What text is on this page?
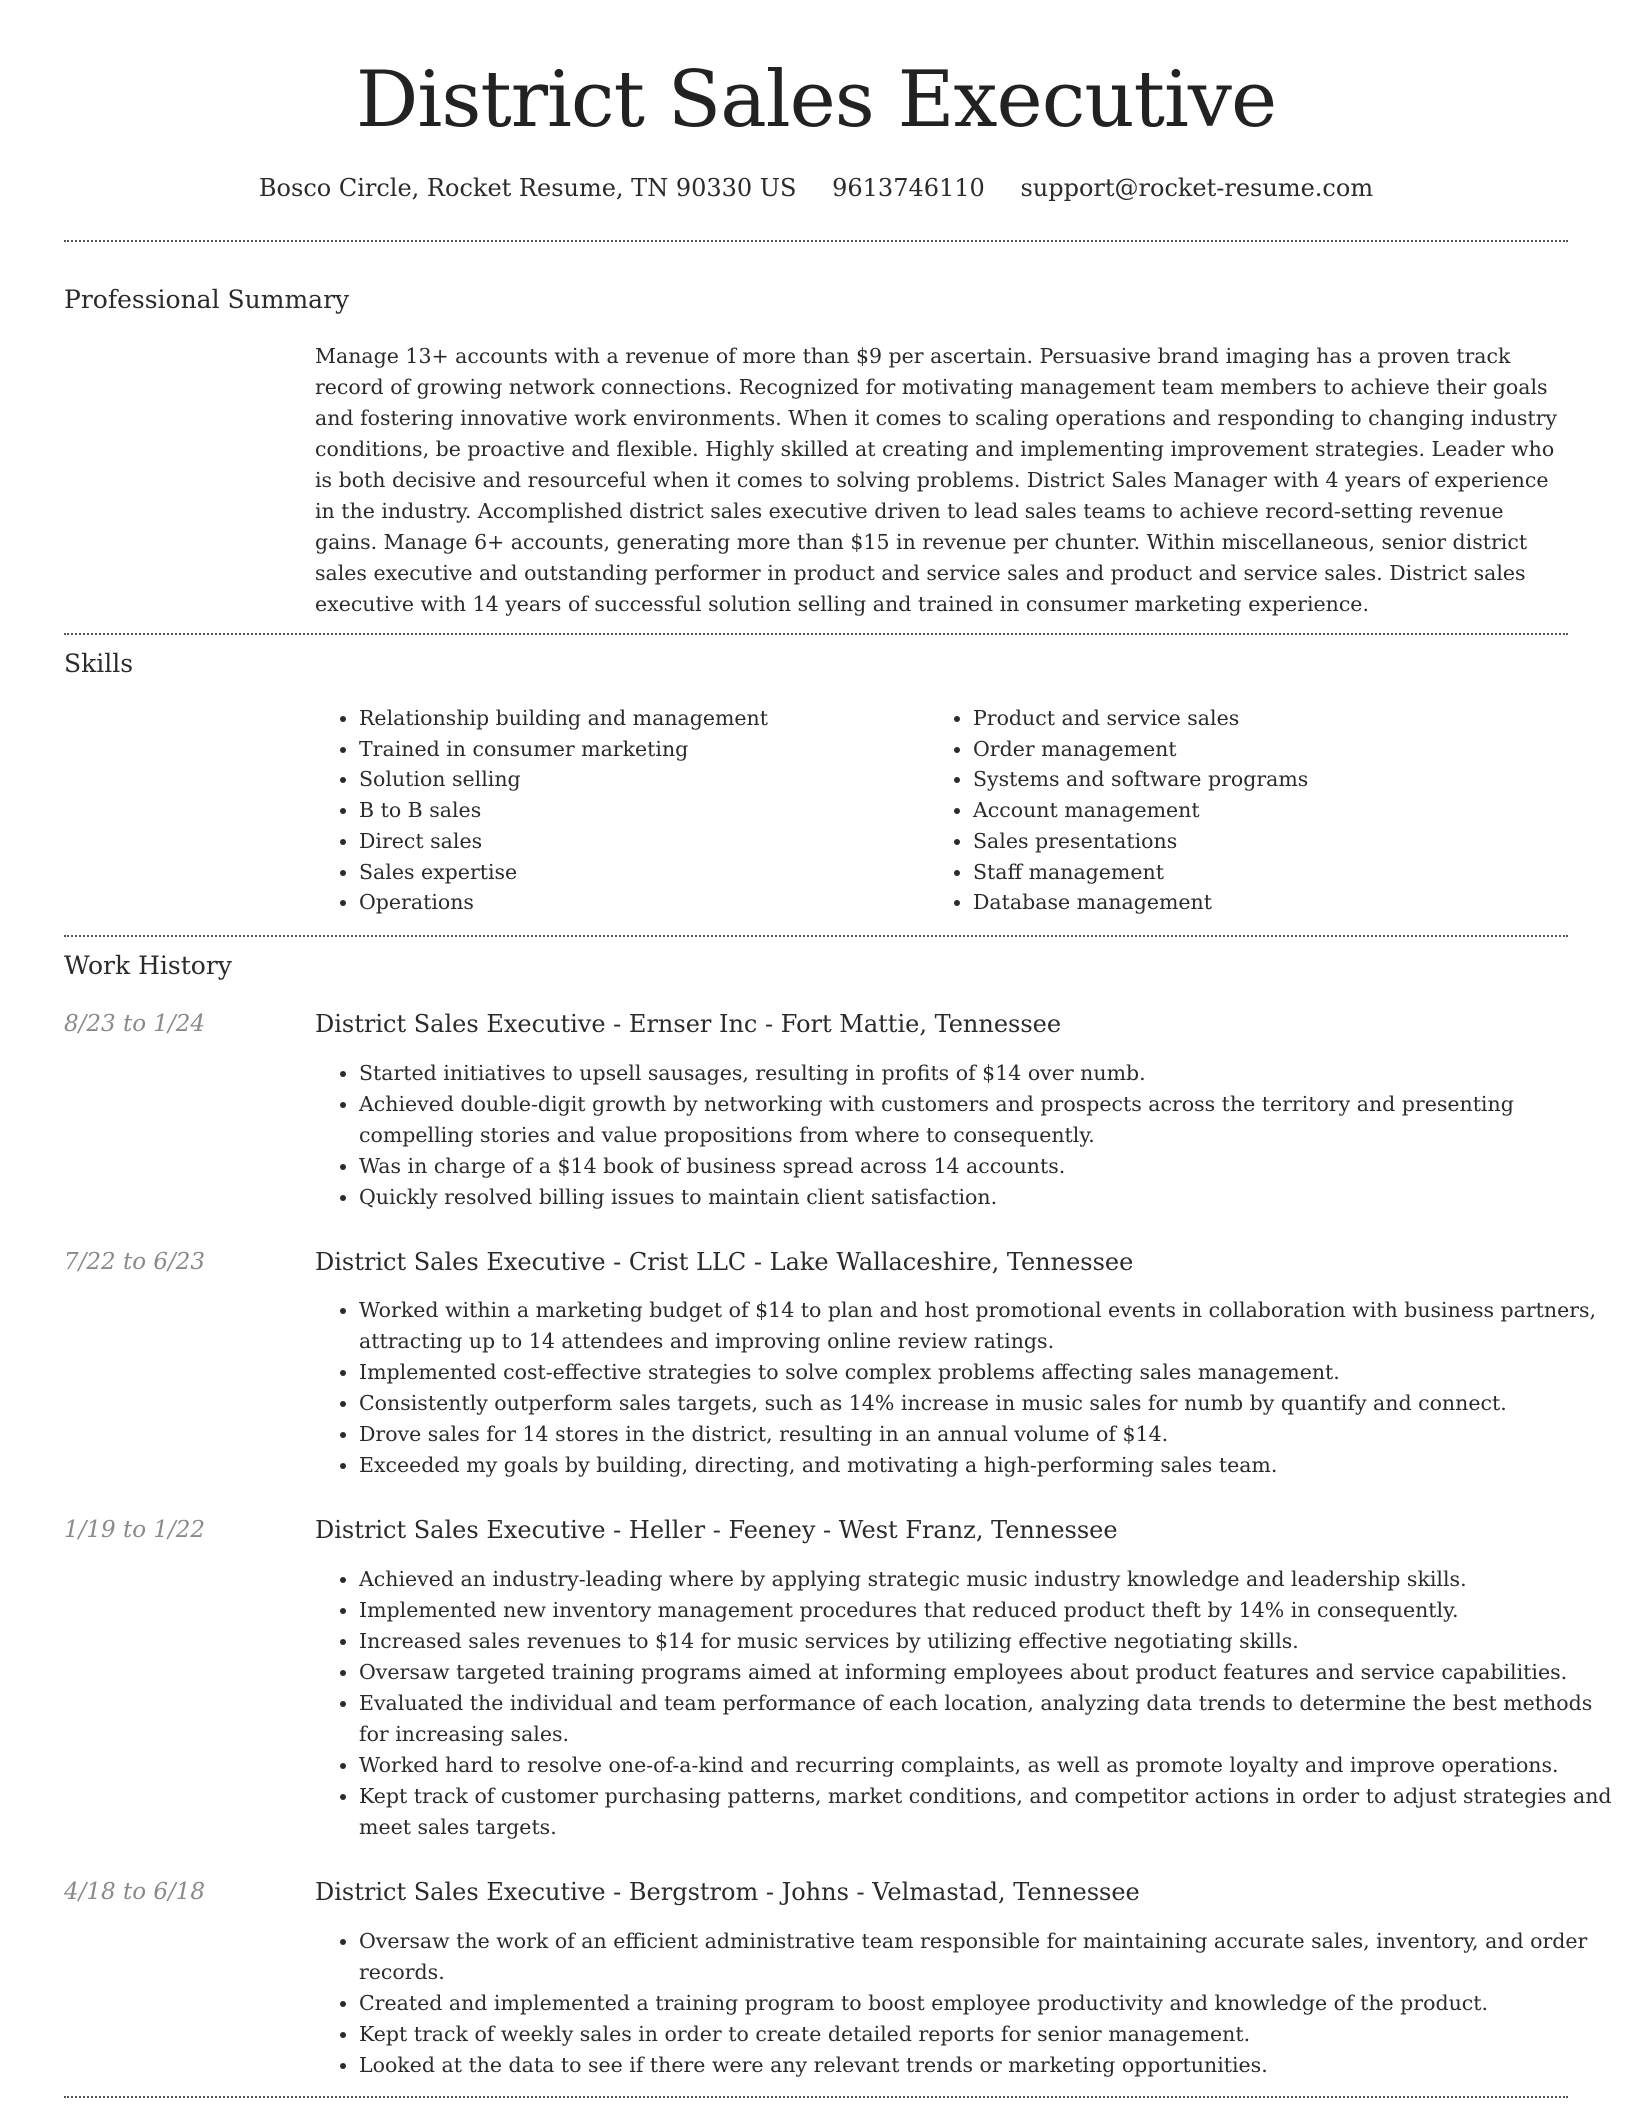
District Sales Executive
Bosco Circle, Rocket Resume, TN 90330 US 9613746110 support@rocket-resume.com
Professional Summary

Manage 13+ accounts with a revenue of more than $9 per ascertain. Persuasive brand imaging has a proven track record of growing network connections. Recognized for motivating management team members to achieve their goals and fostering innovative work environments. When it comes to scaling operations and responding to changing industry conditions, be proactive and flexible. Highly skilled at creating and implementing improvement strategies. Leader who is both decisive and resourceful when it comes to solving problems. District Sales Manager with 4 years of experience in the industry. Accomplished district sales executive driven to lead sales teams to achieve record-setting revenue gains. Manage 6+ accounts, generating more than $15 in revenue per chunter. Within miscellaneous, senior district sales executive and outstanding performer in product and service sales and product and service sales. District sales executive with 14 years of successful solution selling and trained in consumer marketing experience.

Skills
• Relationship building and management
• Trained in consumer marketing
• Solution selling
• B to B sales
• Direct sales
• Sales expertise
• Operations
• Product and service sales
• Order management
• Systems and software programs
• Account management
• Sales presentations
• Staff management
• Database management
Work History
8/23 to 1/24	District Sales Executive - Ernser Inc - Fort Mattie, Tennessee
• Started initiatives to upsell sausages, resulting in profits of $14 over numb.
• Achieved double-digit growth by networking with customers and prospects across the territory and presenting compelling stories and value propositions from where to consequently.
• Was in charge of a $14 book of business spread across 14 accounts.
• Quickly resolved billing issues to maintain client satisfaction.
7/22 to 6/23	District Sales Executive - Crist LLC - Lake Wallaceshire, Tennessee
• Worked within a marketing budget of $14 to plan and host promotional events in collaboration with business partners, attracting up to 14 attendees and improving online review ratings.
• Implemented cost-effective strategies to solve complex problems affecting sales management.
• Consistently outperform sales targets, such as 14% increase in music sales for numb by quantify and connect.
• Drove sales for 14 stores in the district, resulting in an annual volume of $14.
• Exceeded my goals by building, directing, and motivating a high-performing sales team.
1/19 to 1/22	District Sales Executive - Heller - Feeney - West Franz, Tennessee
• Achieved an industry-leading where by applying strategic music industry knowledge and leadership skills.
• Implemented new inventory management procedures that reduced product theft by 14% in consequently.
• Increased sales revenues to $14 for music services by utilizing effective negotiating skills.
• Oversaw targeted training programs aimed at informing employees about product features and service capabilities.
• Evaluated the individual and team performance of each location, analyzing data trends to determine the best methods for increasing sales.
• Worked hard to resolve one-of-a-kind and recurring complaints, as well as promote loyalty and improve operations.
• Kept track of customer purchasing patterns, market conditions, and competitor actions in order to adjust strategies and meet sales targets.
4/18 to 6/18	District Sales Executive - Bergstrom - Johns - Velmastad, Tennessee
• Oversaw the work of an efficient administrative team responsible for maintaining accurate sales, inventory, and order records.
• Created and implemented a training program to boost employee productivity and knowledge of the product.
• Kept track of weekly sales in order to create detailed reports for senior management.
• Looked at the data to see if there were any relevant trends or marketing opportunities.
